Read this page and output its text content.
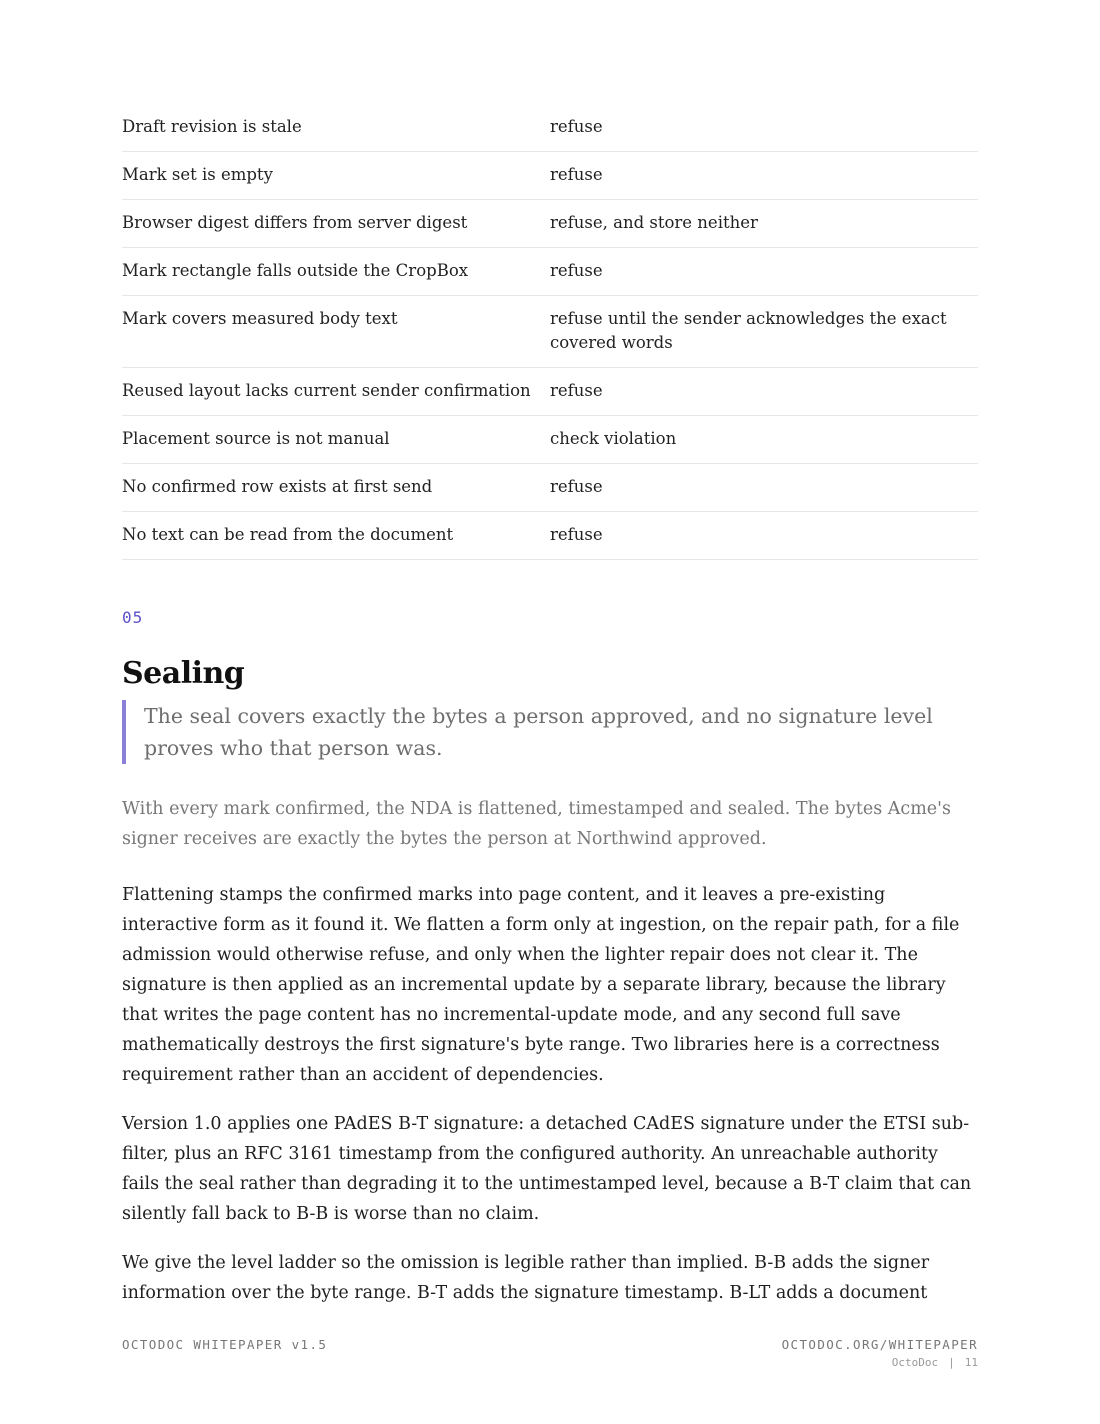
Draft revision is stale	refuse
Mark set is empty	refuse
Browser digest differs from server digest	refuse, and store neither
Mark rectangle falls outside the CropBox	refuse
Mark covers measured body text	refuse until the sender acknowledges the exact covered words
Reused layout lacks current sender confirmation	refuse
Placement source is not manual	check violation
No confirmed row exists at first send	refuse
No text can be read from the document	refuse
05
Sealing
The seal covers exactly the bytes a person approved, and no signature level proves who that person was.

With every mark confirmed, the NDA is flattened, timestamped and sealed. The bytes Acme's signer receives are exactly the bytes the person at Northwind approved.

Flattening stamps the confirmed marks into page content, and it leaves a pre-existing interactive form as it found it. We flatten a form only at ingestion, on the repair path, for a file admission would otherwise refuse, and only when the lighter repair does not clear it. The signature is then applied as an incremental update by a separate library, because the library that writes the page content has no incremental-update mode, and any second full save mathematically destroys the first signature's byte range. Two libraries here is a correctness requirement rather than an accident of dependencies.

Version 1.0 applies one PAdES B-T signature: a detached CAdES signature under the ETSI sub-filter, plus an RFC 3161 timestamp from the configured authority. An unreachable authority fails the seal rather than degrading it to the untimestamped level, because a B-T claim that can silently fall back to B-B is worse than no claim.

We give the level ladder so the omission is legible rather than implied. B-B adds the signer information over the byte range. B-T adds the signature timestamp. B-LT adds a document

OCTODOC WHITEPAPER v1.5	OCTODOC.ORG/WHITEPAPER
OctoDoc | 11
